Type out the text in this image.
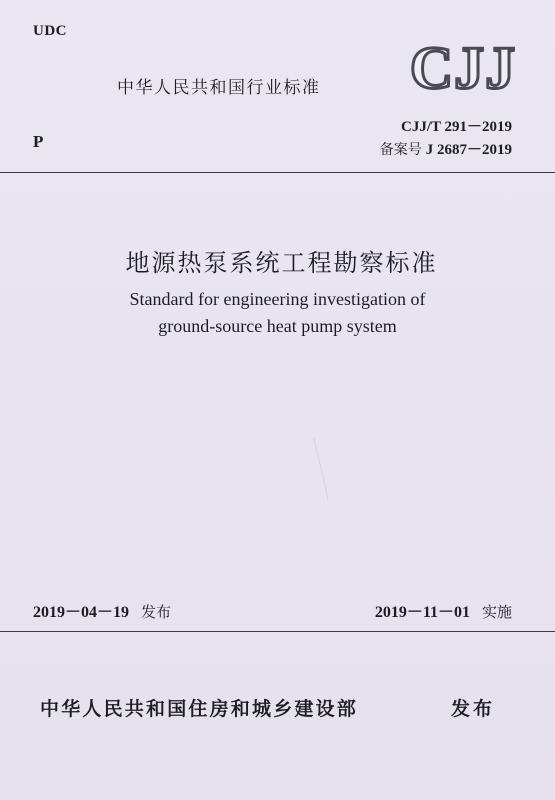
UDC
中华人民共和国行业标准 CJJ
CJJ/T 291－2019
备案号 J 2687－2019
P
地源热泵系统工程勘察标准
Standard for engineering investigation of
ground-source heat pump system
2019－04－19 发布	2019－11－01 实施
中华人民共和国住房和城乡建设部	发布
